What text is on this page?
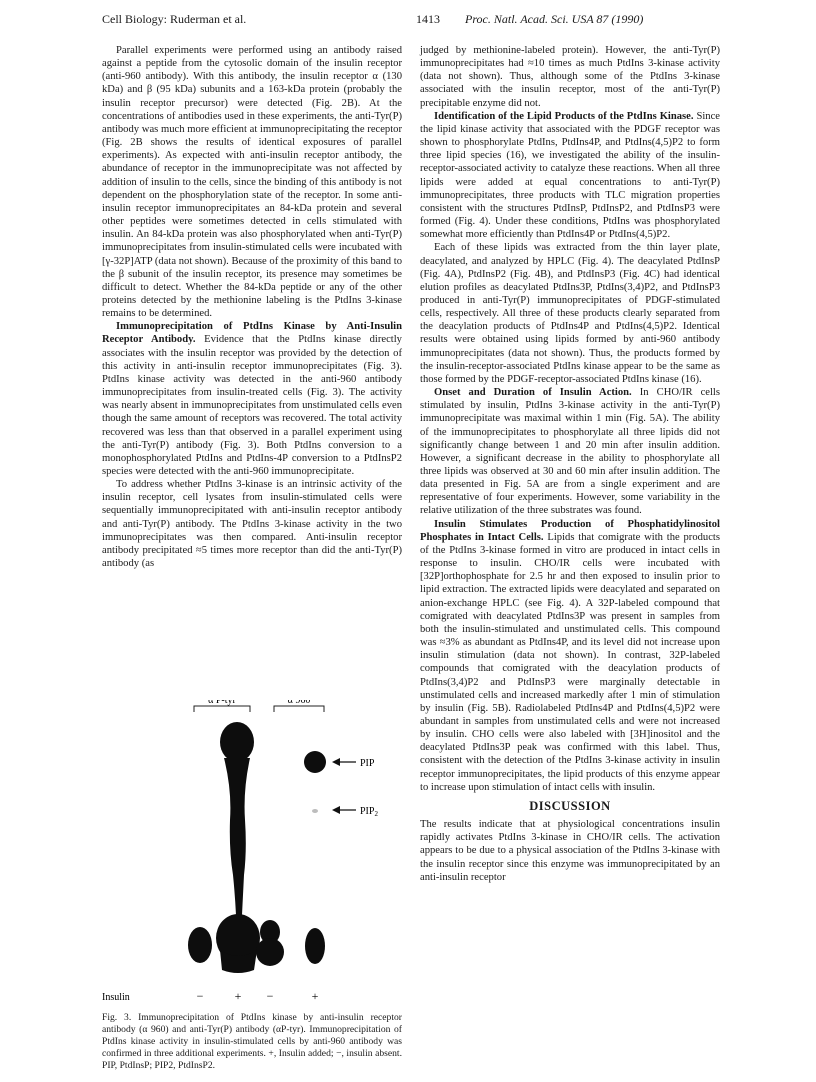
Cell Biology: Ruderman et al.	1413 Proc. Natl. Acad. Sci. USA 87 (1990)

Parallel experiments were performed using an antibody raised against a peptide from the cytosolic domain of the insulin receptor (anti-960 antibody). With this antibody, the insulin receptor α (130 kDa) and β (95 kDa) subunits and a 163-kDa protein (probably the insulin receptor precursor) were detected (Fig. 2B). At the concentrations of antibodies used in these experiments, the anti-Tyr(P) antibody was much more efficient at immunoprecipitating the receptor (Fig. 2B shows the results of identical exposures of parallel experiments). As expected with anti-insulin receptor antibody, the abundance of receptor in the immunoprecipitate was not affected by addition of insulin to the cells, since the binding of this antibody is not dependent on the phosphorylation state of the receptor. In some anti-insulin receptor immunoprecipitates an 84-kDa protein and several other peptides were sometimes detected in cells stimulated with insulin. An 84-kDa protein was also phosphorylated when anti-Tyr(P) immunoprecipitates from insulin-stimulated cells were incubated with [γ-32P]ATP (data not shown). Because of the proximity of this band to the β subunit of the insulin receptor, its presence may sometimes be difficult to detect. Whether the 84-kDa peptide or any of the other proteins detected by the methionine labeling is the PtdIns 3-kinase remains to be determined.

Immunoprecipitation of PtdIns Kinase by Anti-Insulin Receptor Antibody. Evidence that the PtdIns kinase directly associates with the insulin receptor was provided by the detection of this activity in anti-insulin receptor immunoprecipitates (Fig. 3). PtdIns kinase activity was detected in the anti-960 antibody immunoprecipitates from insulin-treated cells (Fig. 3). The activity was nearly absent in immunoprecipitates from unstimulated cells even though the same amount of receptors was recovered. The total activity recovered was less than that observed in a parallel experiment using the anti-Tyr(P) antibody (Fig. 3). Both PtdIns conversion to a monophosphorylated PtdIns and PtdIns-4P conversion to a PtdInsP2 species were detected with the anti-960 immunoprecipitate.

To address whether PtdIns 3-kinase is an intrinsic activity of the insulin receptor, cell lysates from insulin-stimulated cells were sequentially immunoprecipitated with anti-insulin receptor antibody and anti-Tyr(P) antibody. The PtdIns 3-kinase activity in the two immunoprecipitates was then compared. Anti-insulin receptor antibody precipitated ≈5 times more receptor than did the anti-Tyr(P) antibody (as

α P-tyr	α 960
PIP
$PIP_2$
Insulin	−	+ −	+
Fig. 3. Immunoprecipitation of PtdIns kinase by anti-insulin receptor antibody (α 960) and anti-Tyr(P) antibody (αP-tyr). Immunoprecipitation of PtdIns kinase activity in insulin-stimulated cells by anti-960 antibody was confirmed in three additional experiments. +, Insulin added; −, insulin absent. PIP, PtdInsP; PIP2, PtdInsP2.

judged by methionine-labeled protein). However, the anti-Tyr(P) immunoprecipitates had ≈10 times as much PtdIns 3-kinase activity (data not shown). Thus, although some of the PtdIns 3-kinase associated with the insulin receptor, most of the anti-Tyr(P) precipitable enzyme did not.

Identification of the Lipid Products of the PtdIns Kinase. Since the lipid kinase activity that associated with the PDGF receptor was shown to phosphorylate PtdIns, PtdIns4P, and PtdIns(4,5)P2 to form three lipid species (16), we investigated the ability of the insulin-receptor-associated activity to catalyze these reactions. When all three lipids were added at equal concentrations to anti-Tyr(P) immunoprecipitates, three products with TLC migration properties consistent with the structures PtdInsP, PtdInsP2, and PtdInsP3 were formed (Fig. 4). Under these conditions, PtdIns was phosphorylated somewhat more efficiently than PtdIns4P or PtdIns(4,5)P2.

Each of these lipids was extracted from the thin layer plate, deacylated, and analyzed by HPLC (Fig. 4). The deacylated PtdInsP (Fig. 4A), PtdInsP2 (Fig. 4B), and PtdInsP3 (Fig. 4C) had identical elution profiles as deacylated PtdIns3P, PtdIns(3,4)P2, and PtdInsP3 produced in anti-Tyr(P) immunoprecipitates of PDGF-stimulated cells, respectively. All three of these products clearly separated from the deacylation products of PtdIns4P and PtdIns(4,5)P2. Identical results were obtained using lipids formed by anti-960 antibody immunoprecipitates (data not shown). Thus, the products formed by the insulin-receptor-associated PtdIns kinase appear to be the same as those formed by the PDGF-receptor-associated PtdIns kinase (16).

Onset and Duration of Insulin Action. In CHO/IR cells stimulated by insulin, PtdIns 3-kinase activity in the anti-Tyr(P) immunoprecipitate was maximal within 1 min (Fig. 5A). The ability of the immunoprecipitates to phosphorylate all three lipids did not significantly change between 1 and 20 min after insulin addition. However, a significant decrease in the ability to phosphorylate all three lipids was observed at 30 and 60 min after insulin addition. The data presented in Fig. 5A are from a single experiment and are representative of four experiments. However, some variability in the relative utilization of the three substrates was found.

Insulin Stimulates Production of Phosphatidylinositol Phosphates in Intact Cells. Lipids that comigrate with the products of the PtdIns 3-kinase formed in vitro are produced in intact cells in response to insulin. CHO/IR cells were incubated with [32P]orthophosphate for 2.5 hr and then exposed to insulin prior to lipid extraction. The extracted lipids were deacylated and separated on anion-exchange HPLC (see Fig. 4). A 32P-labeled compound that comigrated with deacylated PtdIns3P was present in samples from both the insulin-stimulated and unstimulated cells. This compound was ≈3% as abundant as PtdIns4P, and its level did not increase upon insulin stimulation (data not shown). In contrast, 32P-labeled compounds that comigrated with the deacylation products of PtdIns(3,4)P2 and PtdInsP3 were marginally detectable in unstimulated cells and increased markedly after 1 min of stimulation by insulin (Fig. 5B). Radiolabeled PtdIns4P and PtdIns(4,5)P2 were abundant in samples from unstimulated cells and were not increased by insulin. CHO cells were also labeled with [3H]inositol and the deacylated PtdIns3P peak was confirmed with this label. Thus, consistent with the detection of the PtdIns 3-kinase activity in insulin receptor immunoprecipitates, the lipid products of this enzyme appear to increase upon stimulation of intact cells with insulin.

DISCUSSION

The results indicate that at physiological concentrations insulin rapidly activates PtdIns 3-kinase in CHO/IR cells. The activation appears to be due to a physical association of the PtdIns 3-kinase with the insulin receptor since this enzyme was immunoprecipitated by an anti-insulin receptor
